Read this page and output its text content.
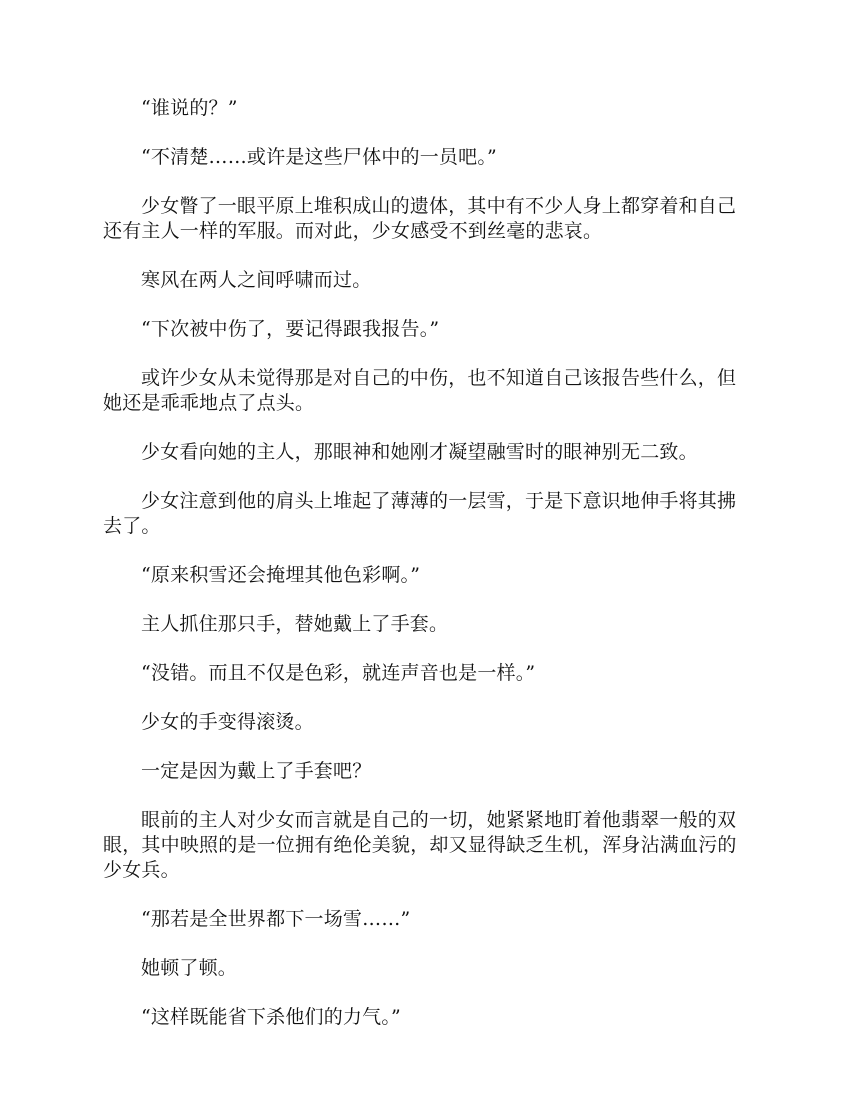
“谁说的？”

“不清楚……或许是这些尸体中的一员吧。”

少女瞥了一眼平原上堆积成山的遗体，其中有不少人身上都穿着和自己还有主人一样的军服。而对此，少女感受不到丝毫的悲哀。

寒风在两人之间呼啸而过。

“下次被中伤了，要记得跟我报告。”

或许少女从未觉得那是对自己的中伤，也不知道自己该报告些什么，但她还是乖乖地点了点头。

少女看向她的主人，那眼神和她刚才凝望融雪时的眼神别无二致。

少女注意到他的肩头上堆起了薄薄的一层雪，于是下意识地伸手将其拂去了。

“原来积雪还会掩埋其他色彩啊。”

主人抓住那只手，替她戴上了手套。

“没错。而且不仅是色彩，就连声音也是一样。”

少女的手变得滚烫。

一定是因为戴上了手套吧？

眼前的主人对少女而言就是自己的一切，她紧紧地盯着他翡翠一般的双眼，其中映照的是一位拥有绝伦美貌，却又显得缺乏生机，浑身沾满血污的少女兵。

“那若是全世界都下一场雪……”

她顿了顿。

“这样既能省下杀他们的力气。”
